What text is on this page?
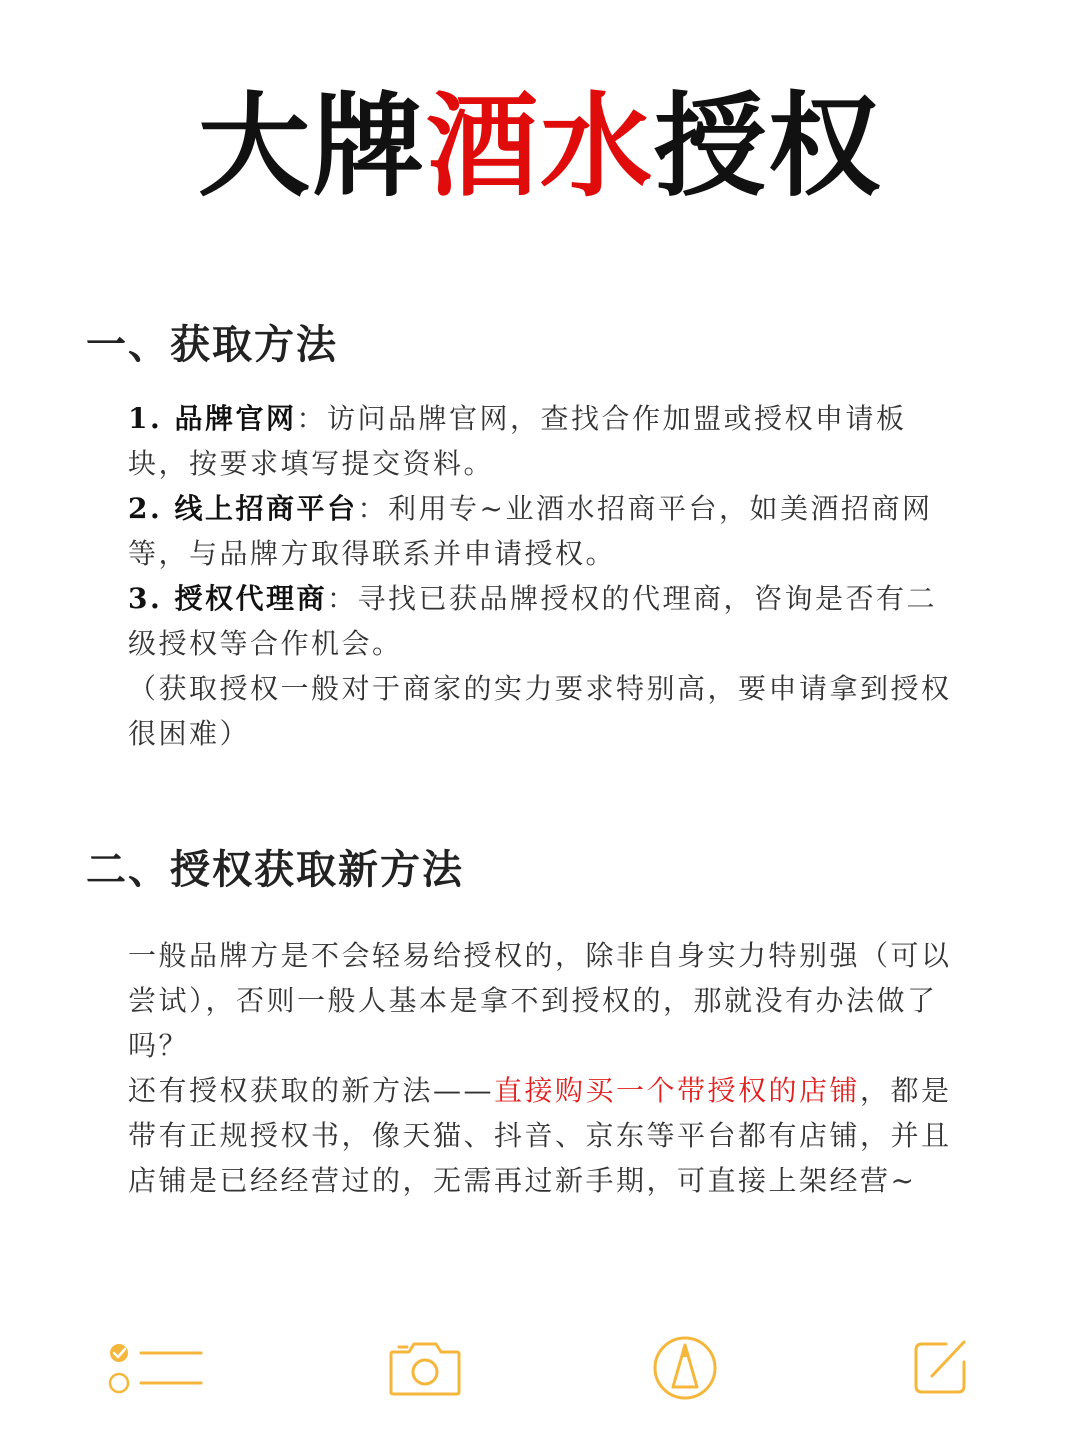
大牌酒水授权
一、获取方法

1. 品牌官网：访问品牌官网，查找合作加盟或授权申请板块，按要求填写提交资料。

2. 线上招商平台：利用专~业酒水招商平台，如美酒招商网等，与品牌方取得联系并申请授权。

3. 授权代理商：寻找已获品牌授权的代理商，咨询是否有二级授权等合作机会。

（获取授权一般对于商家的实力要求特别高，要申请拿到授权很困难）

二、授权获取新方法

一般品牌方是不会轻易给授权的，除非自身实力特别强（可以尝试），否则一般人基本是拿不到授权的，那就没有办法做了吗？

还有授权获取的新方法——直接购买一个带授权的店铺，都是带有正规授权书，像天猫、抖音、京东等平台都有店铺，并且店铺是已经经营过的，无需再过新手期，可直接上架经营~
